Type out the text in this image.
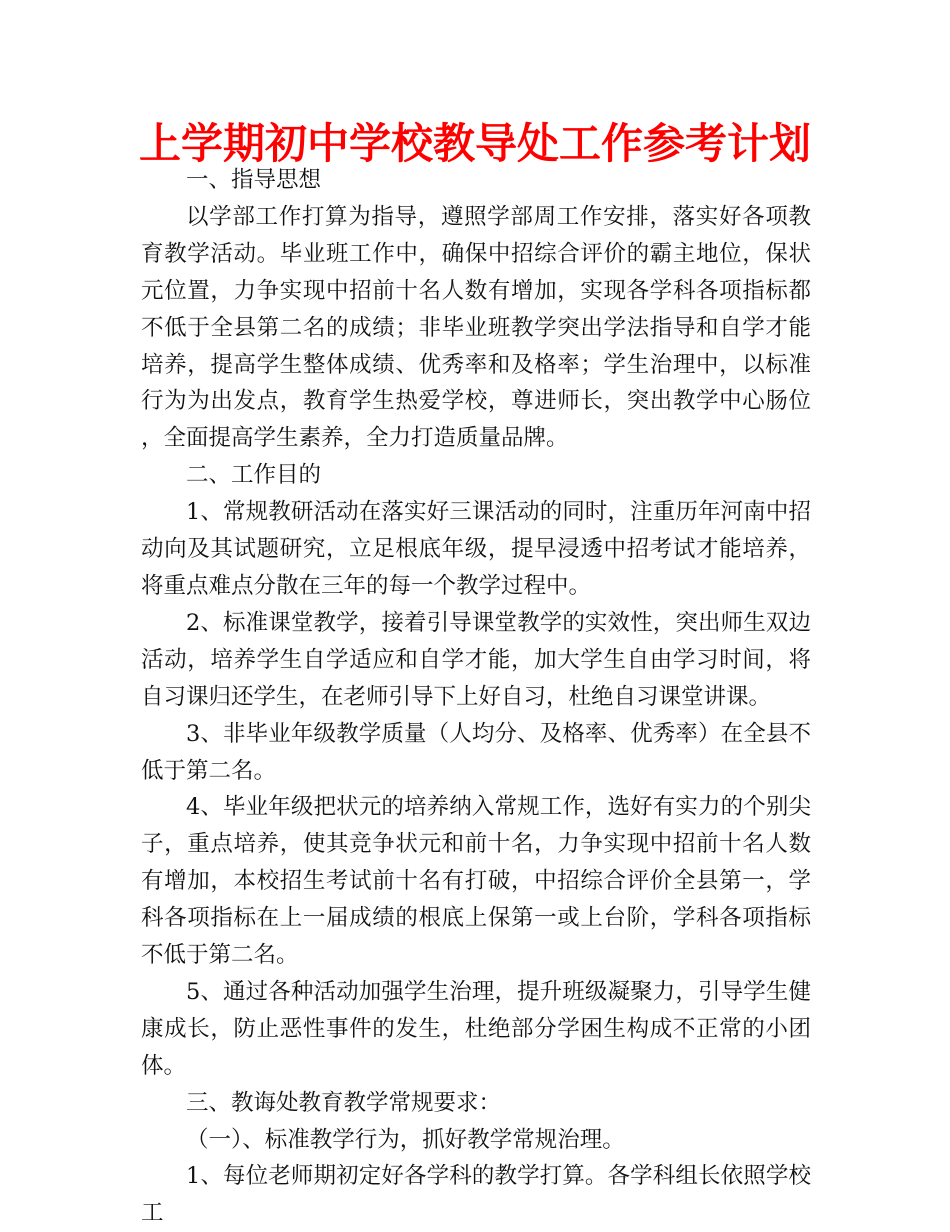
上学期初中学校教导处工作参考计划

一、指导思想

以学部工作打算为指导，遵照学部周工作安排，落实好各项教育教学活动。毕业班工作中，确保中招综合评价的霸主地位，保状元位置，力争实现中招前十名人数有增加，实现各学科各项指标都不低于全县第二名的成绩；非毕业班教学突出学法指导和自学才能培养，提高学生整体成绩、优秀率和及格率；学生治理中，以标准行为为出发点，教育学生热爱学校，尊进师长，突出教学中心肠位，全面提高学生素养，全力打造质量品牌。

二、工作目的

1、常规教研活动在落实好三课活动的同时，注重历年河南中招动向及其试题研究，立足根底年级，提早浸透中招考试才能培养，将重点难点分散在三年的每一个教学过程中。

2、标准课堂教学，接着引导课堂教学的实效性，突出师生双边活动，培养学生自学适应和自学才能，加大学生自由学习时间，将自习课归还学生，在老师引导下上好自习，杜绝自习课堂讲课。

3、非毕业年级教学质量（人均分、及格率、优秀率）在全县不低于第二名。

4、毕业年级把状元的培养纳入常规工作，选好有实力的个别尖子，重点培养，使其竞争状元和前十名，力争实现中招前十名人数有增加，本校招生考试前十名有打破，中招综合评价全县第一，学科各项指标在上一届成绩的根底上保第一或上台阶，学科各项指标不低于第二名。

5、通过各种活动加强学生治理，提升班级凝聚力，引导学生健康成长，防止恶性事件的发生，杜绝部分学困生构成不正常的小团体。

三、教诲处教育教学常规要求：

（一）、标准教学行为，抓好教学常规治理。

1、每位老师期初定好各学科的教学打算。各学科组长依照学校工
